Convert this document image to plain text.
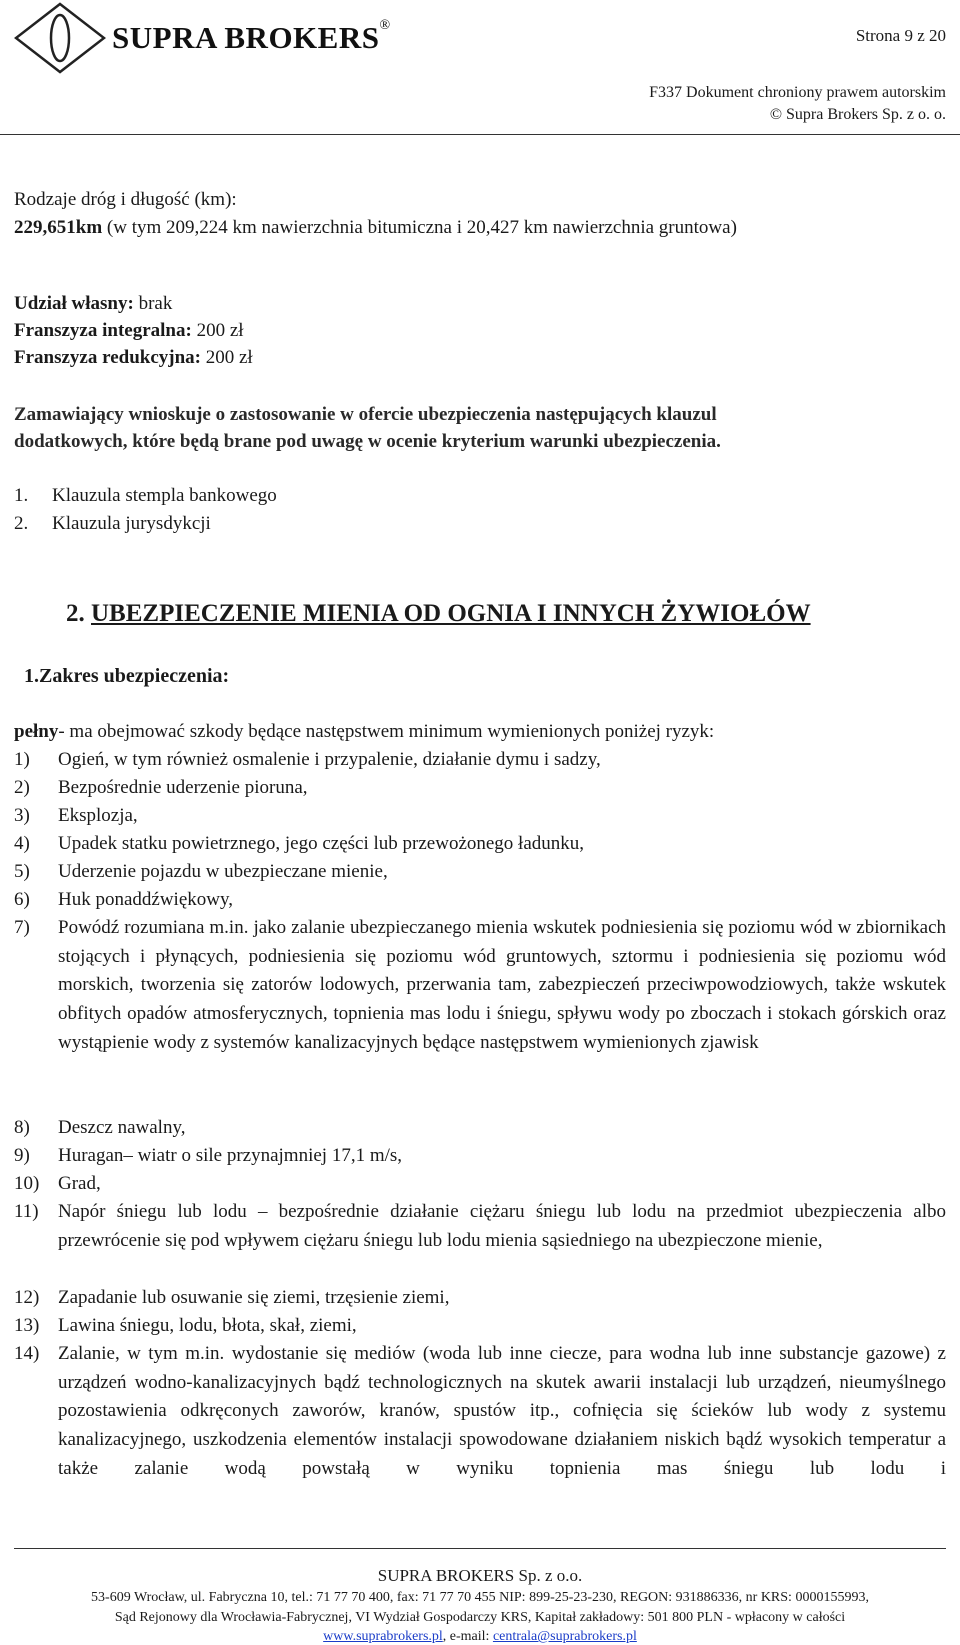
SUPRA BROKERS®
Strona 9 z 20
F337 Dokument chroniony prawem autorskim
© Supra Brokers Sp. z o. o.
Rodzaje dróg i długość (km):
229,651km (w tym 209,224 km nawierzchnia bitumiczna i 20,427 km nawierzchnia gruntowa)
Udział własny: brak
Franszyza integralna: 200 zł
Franszyza redukcyjna: 200 zł
Zamawiający wnioskuje o zastosowanie w ofercie ubezpieczenia następujących klauzul
dodatkowych, które będą brane pod uwagę w ocenie kryterium warunki ubezpieczenia.
1. Klauzula stempla bankowego
2. Klauzula jurysdykcji
2. UBEZPIECZENIE MIENIA OD OGNIA I INNYCH ŻYWIOŁÓW
1.Zakres ubezpieczenia:
pełny- ma obejmować szkody będące następstwem minimum wymienionych poniżej ryzyk:
1) Ogień, w tym również osmalenie i przypalenie, działanie dymu i sadzy,
2) Bezpośrednie uderzenie pioruna,
3) Eksplozja,
4) Upadek statku powietrznego, jego części lub przewożonego ładunku,
5) Uderzenie pojazdu w ubezpieczane mienie,
6) Huk ponaddźwiękowy,
7) Powódź rozumiana m.in. jako zalanie ubezpieczanego mienia wskutek podniesienia się poziomu wód w zbiornikach stojących i płynących, podniesienia się poziomu wód gruntowych, sztormu i podniesienia się poziomu wód morskich, tworzenia się zatorów lodowych, przerwania tam, zabezpieczeń przeciwpowodziowych, także wskutek obfitych opadów atmosferycznych, topnienia mas lodu i śniegu, spływu wody po zboczach i stokach górskich oraz wystąpienie wody z systemów kanalizacyjnych będące następstwem wymienionych zjawisk
8) Deszcz nawalny,
9) Huragan– wiatr o sile przynajmniej 17,1 m/s,
10) Grad,
11) Napór śniegu lub lodu – bezpośrednie działanie ciężaru śniegu lub lodu na przedmiot ubezpieczenia albo przewrócenie się pod wpływem ciężaru śniegu lub lodu mienia sąsiedniego na ubezpieczone mienie,
12) Zapadanie lub osuwanie się ziemi, trzęsienie ziemi,
13) Lawina śniegu, lodu, błota, skał, ziemi,
14) Zalanie, w tym m.in. wydostanie się mediów (woda lub inne ciecze, para wodna lub inne substancje gazowe) z urządzeń wodno-kanalizacyjnych bądź technologicznych na skutek awarii instalacji lub urządzeń, nieumyślnego pozostawienia odkręconych zaworów, kranów, spustów itp., cofnięcia się ścieków lub wody z systemu kanalizacyjnego, uszkodzenia elementów instalacji spowodowane działaniem niskich bądź wysokich temperatur a także zalanie wodą powstałą w wyniku topnienia mas śniegu lub lodu i
SUPRA BROKERS Sp. z o.o.
53-609 Wrocław, ul. Fabryczna 10, tel.: 71 77 70 400, fax: 71 77 70 455 NIP: 899-25-23-230, REGON: 931886336, nr KRS: 0000155993,
Sąd Rejonowy dla Wrocławia-Fabrycznej, VI Wydział Gospodarczy KRS, Kapitał zakładowy: 501 800 PLN - wpłacony w całości
www.suprabrokers.pl, e-mail: centrala@suprabrokers.pl
